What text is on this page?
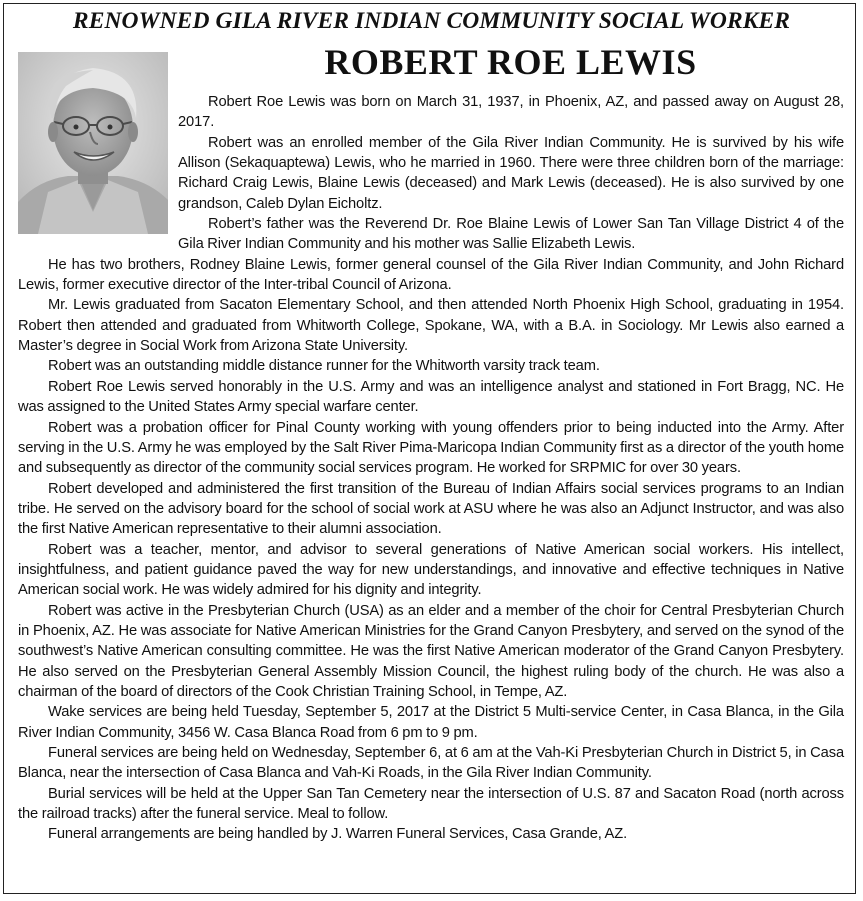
RENOWNED GILA RIVER INDIAN COMMUNITY SOCIAL WORKER
ROBERT ROE LEWIS

Robert Roe Lewis was born on March 31, 1937, in Phoenix, AZ, and passed away on August 28, 2017.

Robert was an enrolled member of the Gila River Indian Community. He is survived by his wife Allison (Sekaquaptewa) Lewis, who he married in 1960. There were three children born of the marriage: Richard Craig Lewis, Blaine Lewis (deceased) and Mark Lewis (deceased). He is also survived by one grandson, Caleb Dylan Eicholtz.

Robert’s father was the Reverend Dr. Roe Blaine Lewis of Lower San Tan Village District 4 of the Gila River Indian Community and his mother was Sallie Elizabeth Lewis.

He has two brothers, Rodney Blaine Lewis, former general counsel of the Gila River Indian Community, and John Richard Lewis, former executive director of the Inter-tribal Council of Arizona.

Mr. Lewis graduated from Sacaton Elementary School, and then attended North Phoenix High School, graduating in 1954. Robert then attended and graduated from Whitworth College, Spokane, WA, with a B.A. in Sociology. Mr Lewis also earned a Master’s degree in Social Work from Arizona State University.

Robert was an outstanding middle distance runner for the Whitworth varsity track team.

Robert Roe Lewis served honorably in the U.S. Army and was an intelligence analyst and stationed in Fort Bragg, NC. He was assigned to the United States Army special warfare center.

Robert was a probation officer for Pinal County working with young offenders prior to being inducted into the Army. After serving in the U.S. Army he was employed by the Salt River Pima-Maricopa Indian Community first as a director of the youth home and subsequently as director of the community social services program. He worked for SRPMIC for over 30 years.

Robert developed and administered the first transition of the Bureau of Indian Affairs social services programs to an Indian tribe. He served on the advisory board for the school of social work at ASU where he was also an Adjunct Instructor, and was also the first Native American representative to their alumni association.

Robert was a teacher, mentor, and advisor to several generations of Native American social workers. His intellect, insightfulness, and patient guidance paved the way for new understandings, and innovative and effective techniques in Native American social work. He was widely admired for his dignity and integrity.

Robert was active in the Presbyterian Church (USA) as an elder and a member of the choir for Central Presbyterian Church in Phoenix, AZ. He was associate for Native American Ministries for the Grand Canyon Presbytery, and served on the synod of the southwest’s Native American consulting committee. He was the first Native American moderator of the Grand Canyon Presbytery. He also served on the Presbyterian General Assembly Mission Council, the highest ruling body of the church. He was also a chairman of the board of directors of the Cook Christian Training School, in Tempe, AZ.

Wake services are being held Tuesday, September 5, 2017 at the District 5 Multi-service Center, in Casa Blanca, in the Gila River Indian Community, 3456 W. Casa Blanca Road from 6 pm to 9 pm.

Funeral services are being held on Wednesday, September 6, at 6 am at the Vah-Ki Presbyterian Church in District 5, in Casa Blanca, near the intersection of Casa Blanca and Vah-Ki Roads, in the Gila River Indian Community.

Burial services will be held at the Upper San Tan Cemetery near the intersection of U.S. 87 and Sacaton Road (north across the railroad tracks) after the funeral service. Meal to follow.

Funeral arrangements are being handled by J. Warren Funeral Services, Casa Grande, AZ.
